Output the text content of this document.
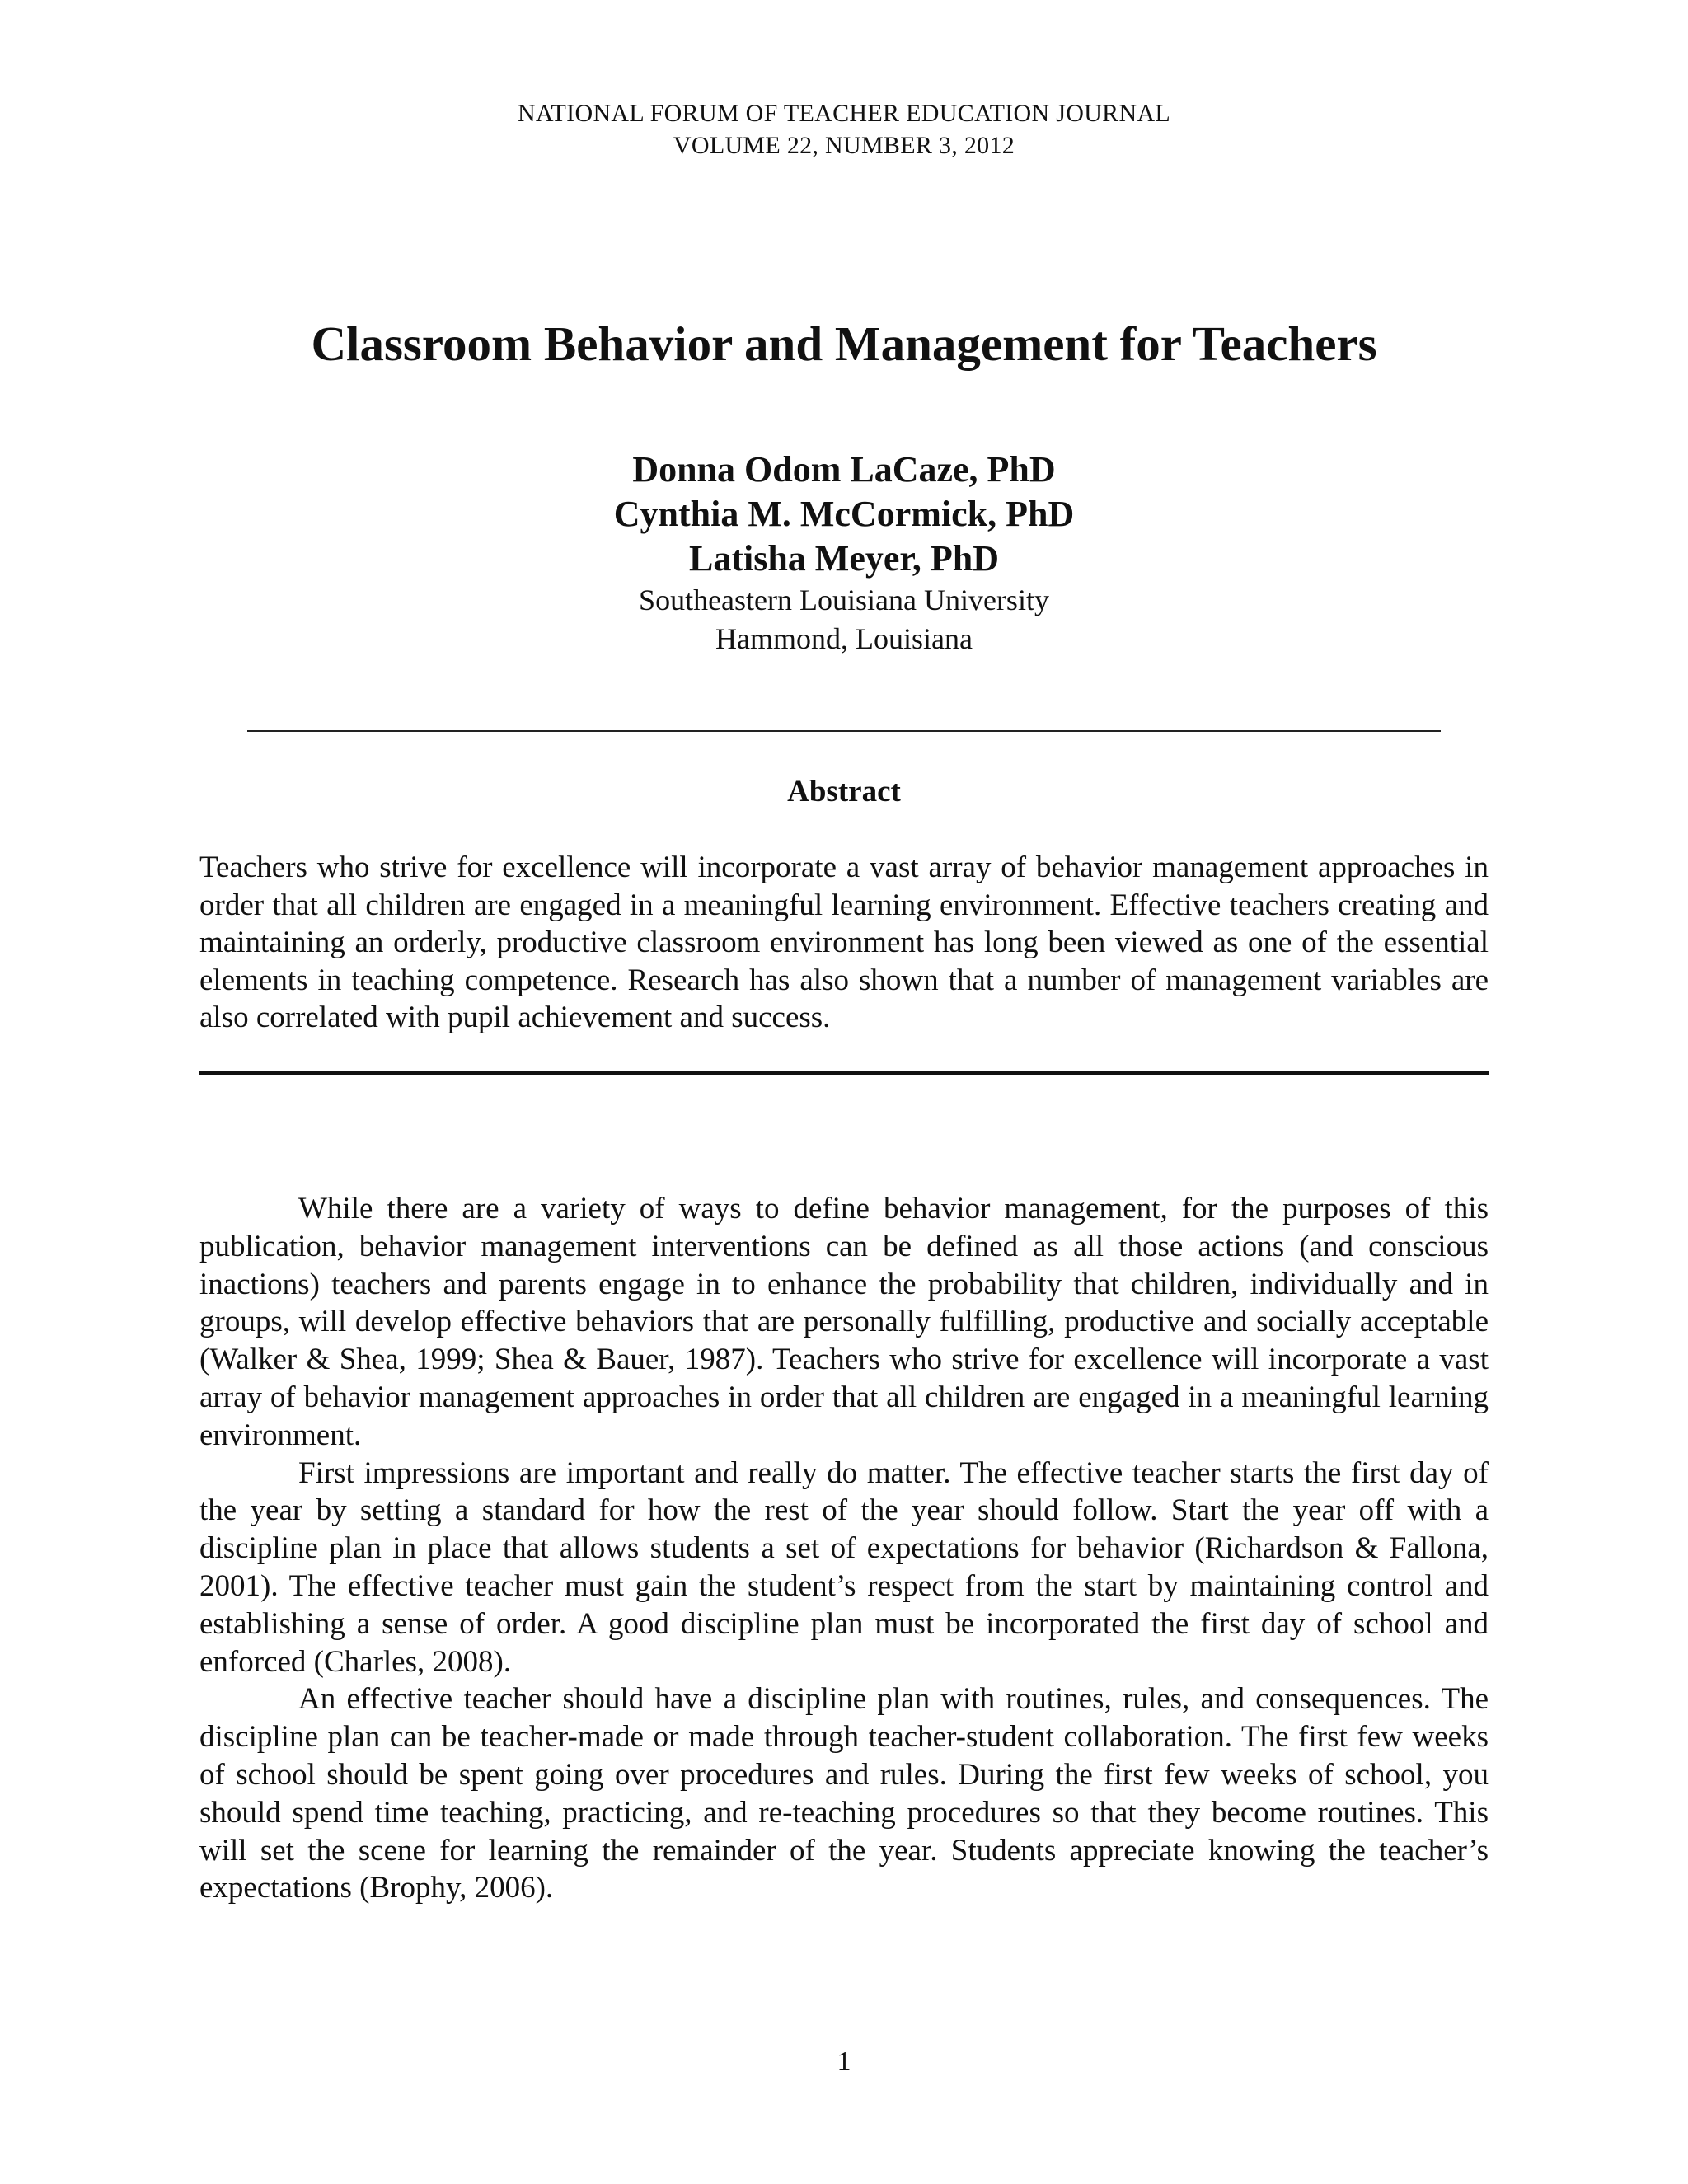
NATIONAL FORUM OF TEACHER EDUCATION JOURNAL
VOLUME 22, NUMBER 3, 2012
Classroom Behavior and Management for Teachers
Donna Odom LaCaze, PhD
Cynthia M. McCormick, PhD
Latisha Meyer, PhD
Southeastern Louisiana University
Hammond, Louisiana
Abstract
Teachers who strive for excellence will incorporate a vast array of behavior management approaches in order that all children are engaged in a meaningful learning environment. Effective teachers creating and maintaining an orderly, productive classroom environment has long been viewed as one of the essential elements in teaching competence. Research has also shown that a number of management variables are also correlated with pupil achievement and success.

While there are a variety of ways to define behavior management, for the purposes of this publication, behavior management interventions can be defined as all those actions (and conscious inactions) teachers and parents engage in to enhance the probability that children, individually and in groups, will develop effective behaviors that are personally fulfilling, productive and socially acceptable (Walker & Shea, 1999; Shea & Bauer, 1987). Teachers who strive for excellence will incorporate a vast array of behavior management approaches in order that all children are engaged in a meaningful learning environment.

First impressions are important and really do matter. The effective teacher starts the first day of the year by setting a standard for how the rest of the year should follow. Start the year off with a discipline plan in place that allows students a set of expectations for behavior (Richardson & Fallona, 2001). The effective teacher must gain the student’s respect from the start by maintaining control and establishing a sense of order. A good discipline plan must be incorporated the first day of school and enforced (Charles, 2008).

An effective teacher should have a discipline plan with routines, rules, and consequences. The discipline plan can be teacher-made or made through teacher-student collaboration. The first few weeks of school should be spent going over procedures and rules. During the first few weeks of school, you should spend time teaching, practicing, and re-teaching procedures so that they become routines. This will set the scene for learning the remainder of the year. Students appreciate knowing the teacher’s expectations (Brophy, 2006).

1
